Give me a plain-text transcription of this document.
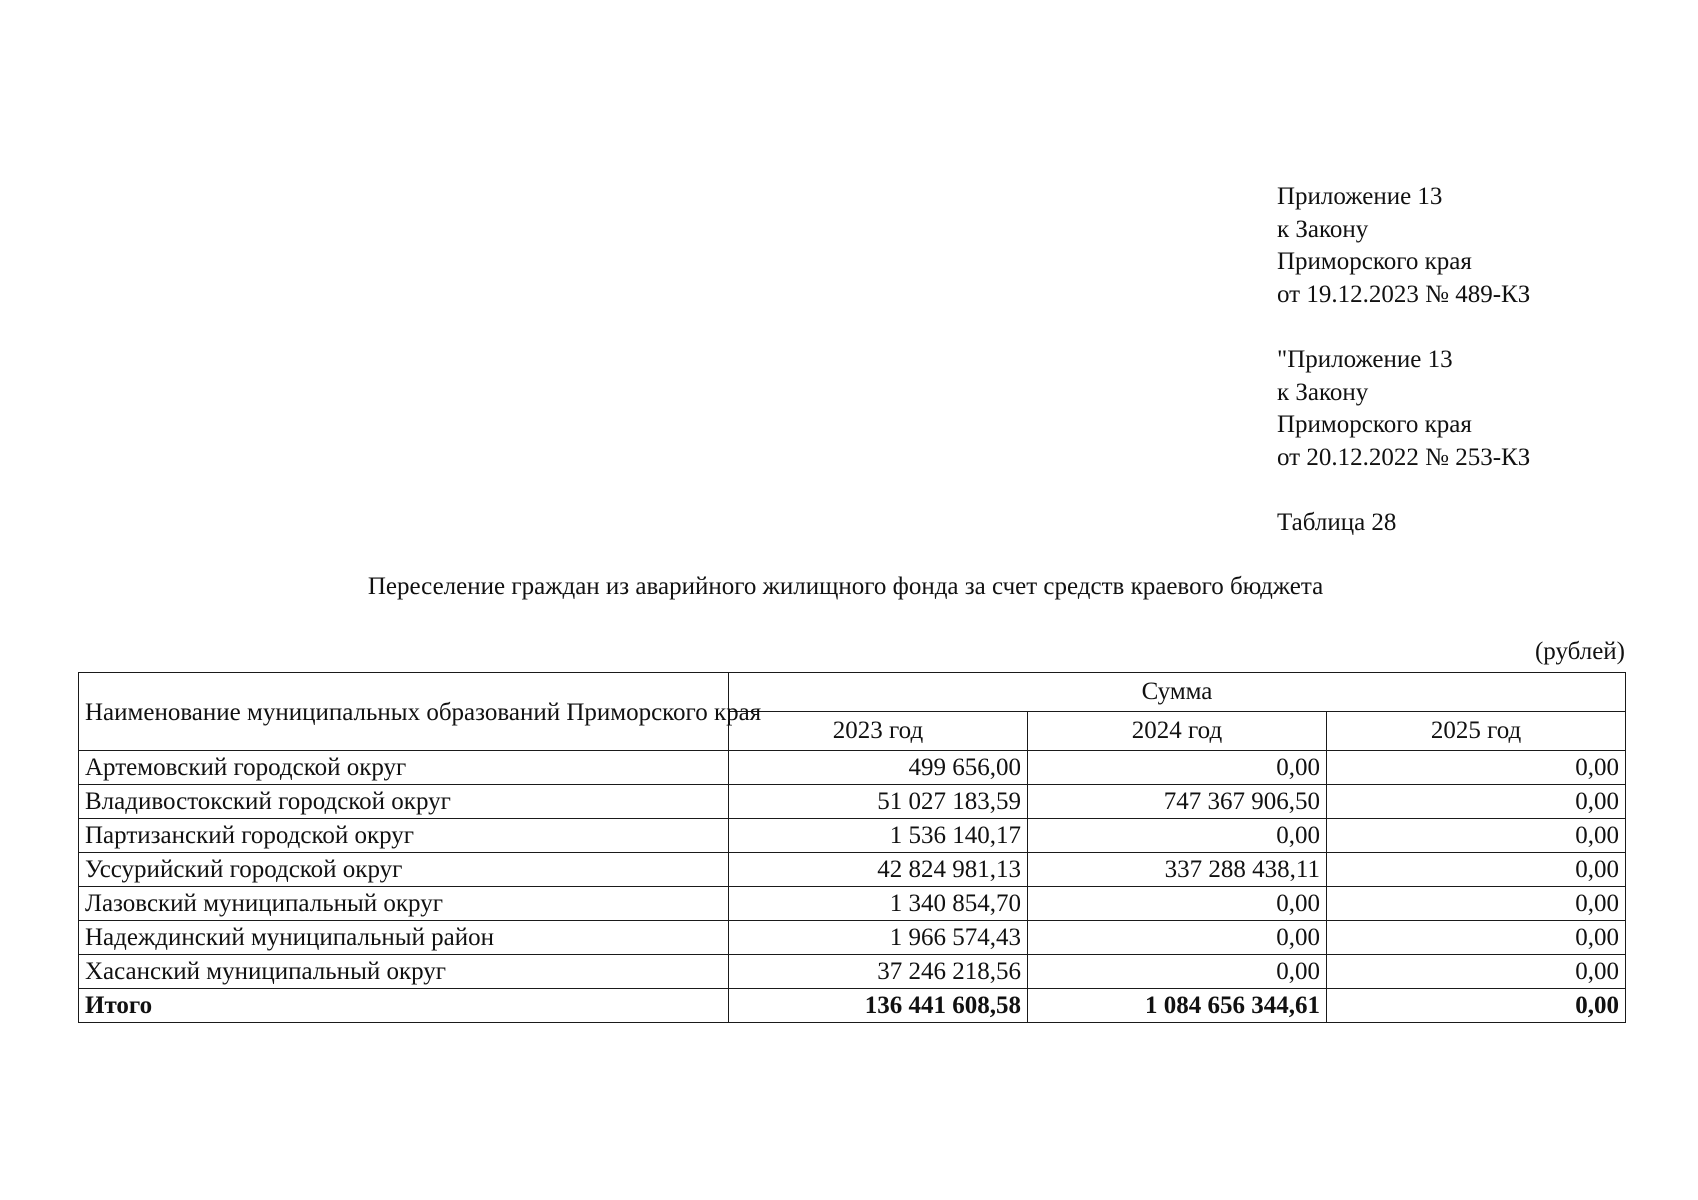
Приложение 13
к Закону
Приморского края
от 19.12.2023 № 489-КЗ
"Приложение 13
к Закону
Приморского края
от 20.12.2022 № 253-КЗ
Таблица 28
Переселение граждан из аварийного жилищного фонда за счет средств краевого бюджета
(рублей)
Наименование муниципальных образований Приморского края	Сумма		
	2023 год	2024 год	2025 год
Артемовский городской округ	499 656,00	0,00	0,00
Владивостокский городской округ	51 027 183,59	747 367 906,50	0,00
Партизанский городской округ	1 536 140,17	0,00	0,00
Уссурийский городской округ	42 824 981,13	337 288 438,11	0,00
Лазовский муниципальный округ	1 340 854,70	0,00	0,00
Надеждинский муниципальный район	1 966 574,43	0,00	0,00
Хасанский муниципальный округ	37 246 218,56	0,00	0,00
Итого	136 441 608,58	1 084 656 344,61	0,00
